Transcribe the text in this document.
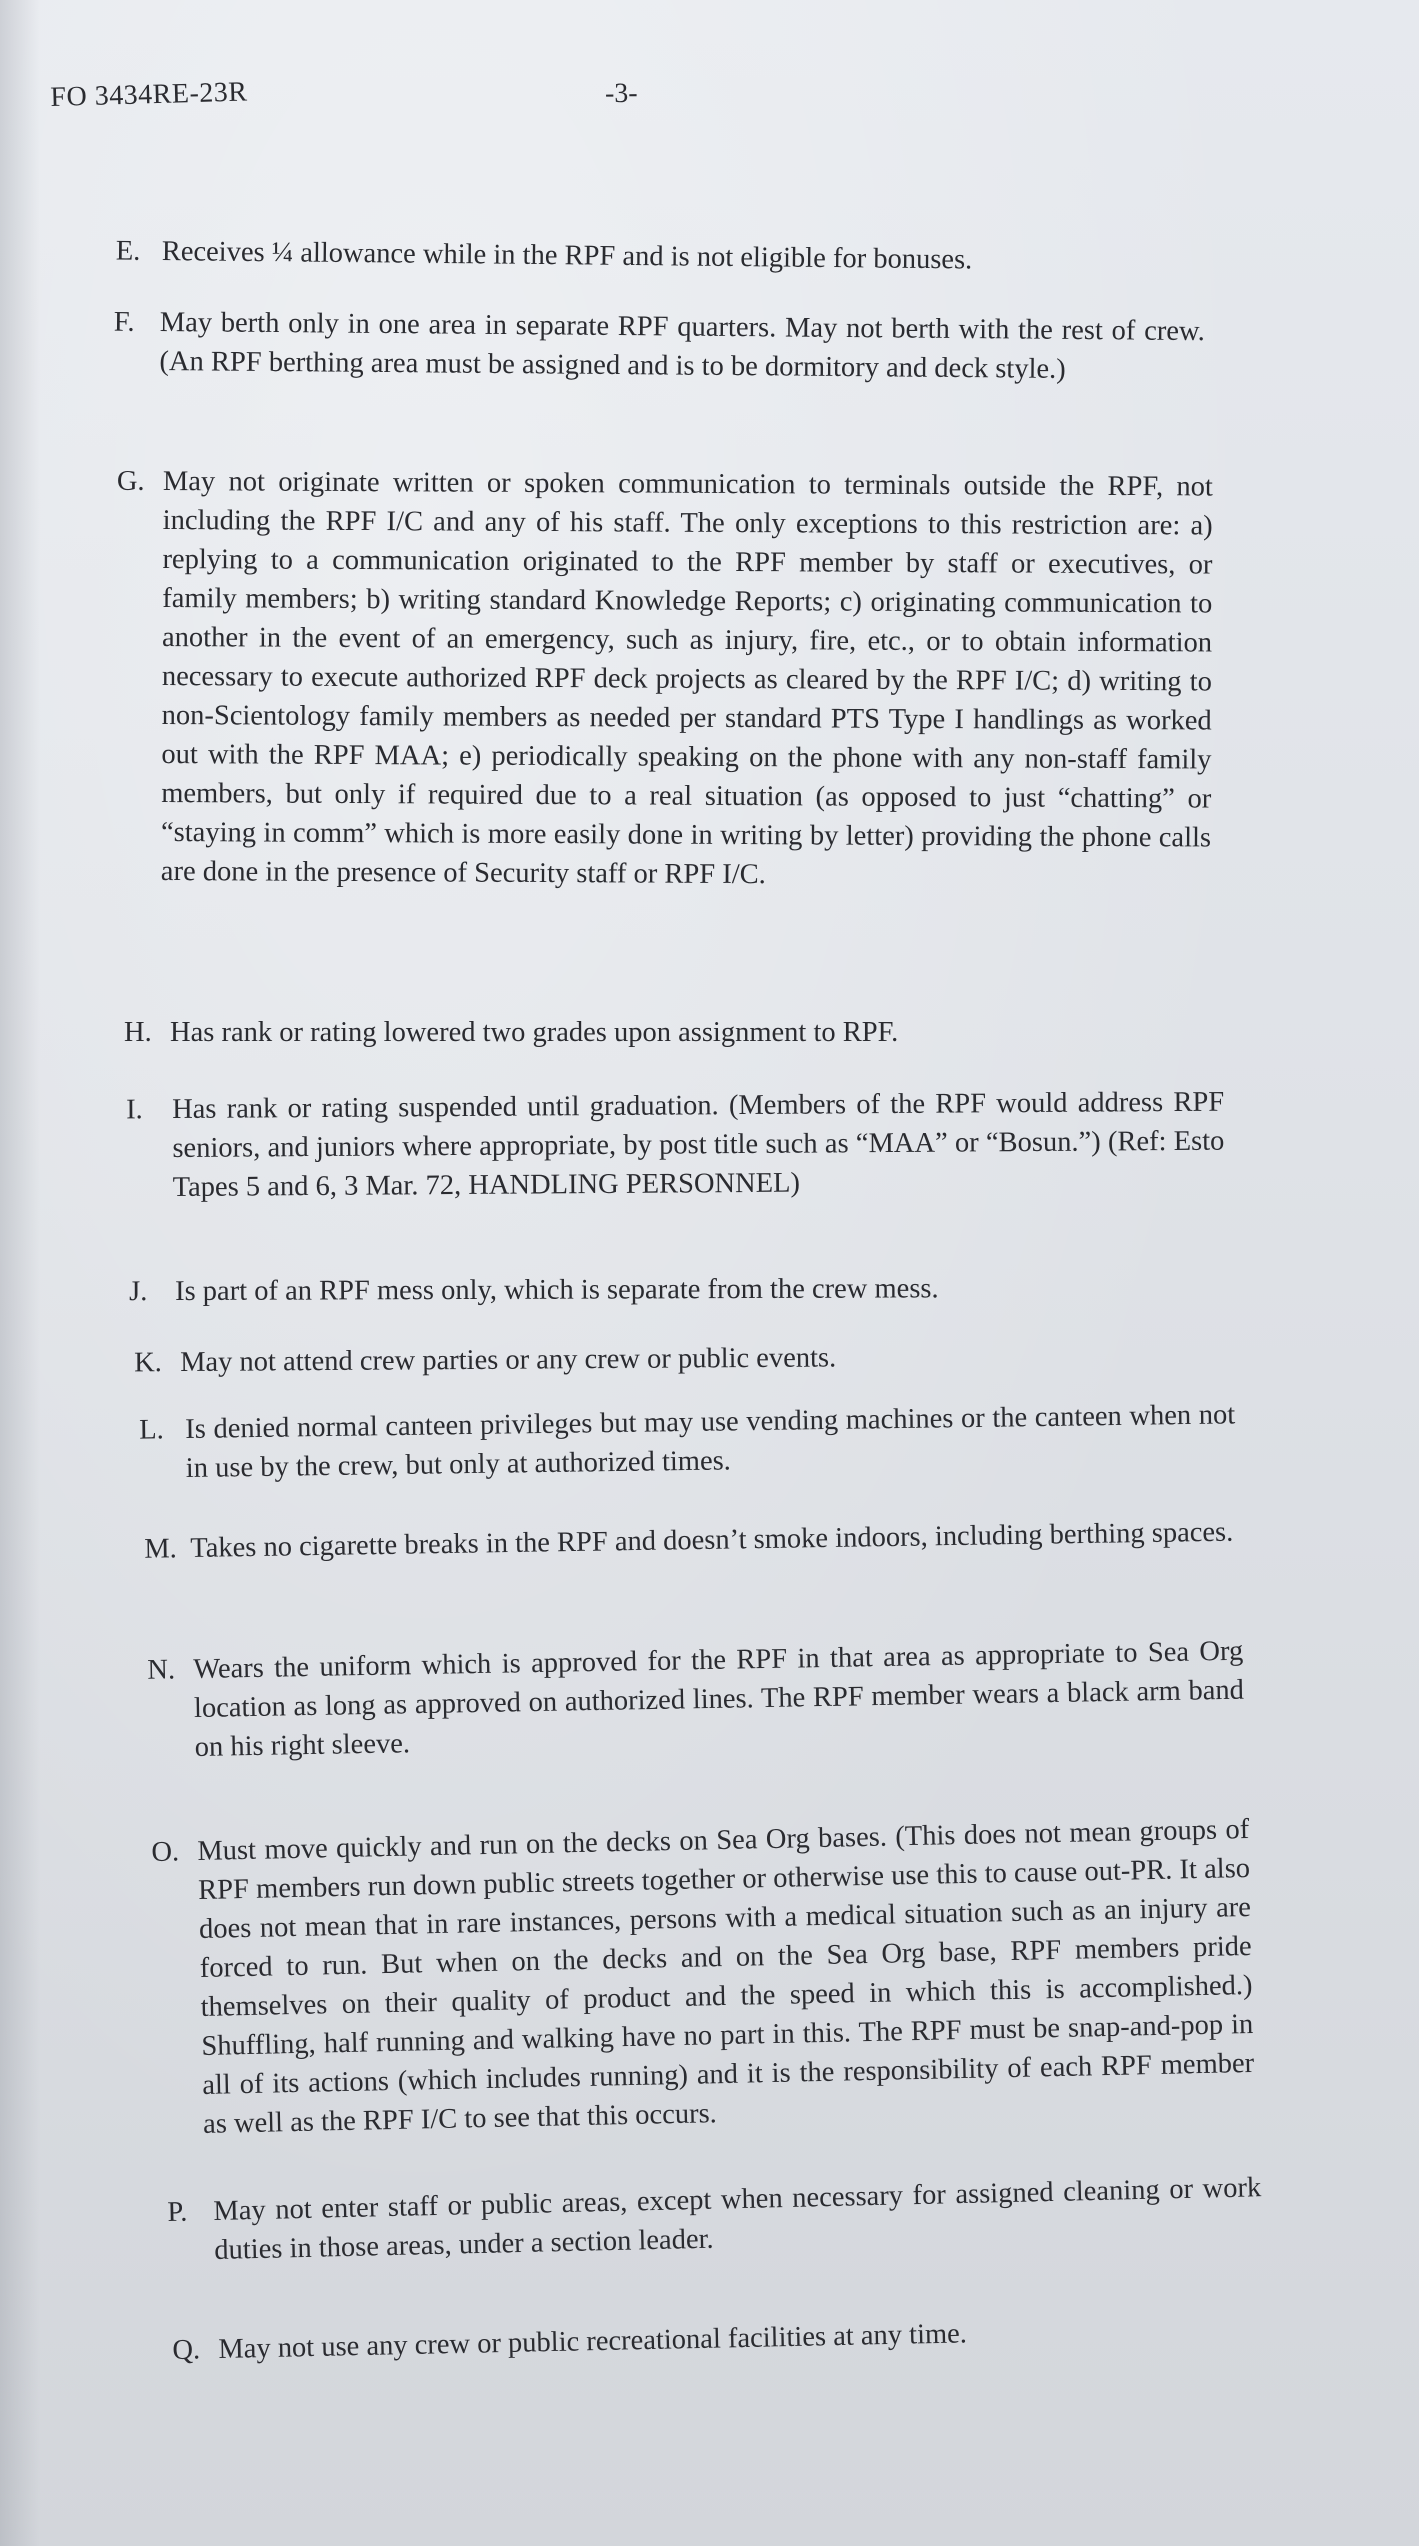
FO 3434RE-23R	-3-
E. Receives ¼ allowance while in the RPF and is not eligible for bonuses.
F. May berth only in one area in separate RPF quarters. May not berth with the rest of crew. (An RPF berthing area must be assigned and is to be dormitory and deck style.)
G. May not originate written or spoken communication to terminals outside the RPF, not including the RPF I/C and any of his staff. The only exceptions to this restriction are: a) replying to a communication originated to the RPF member by staff or executives, or family members; b) writing standard Knowledge Reports; c) originating communication to another in the event of an emergency, such as injury, fire, etc., or to obtain information necessary to execute authorized RPF deck projects as cleared by the RPF I/C; d) writing to non-Scientology family members as needed per standard PTS Type I handlings as worked out with the RPF MAA; e) periodically speaking on the phone with any non-staff family members, but only if required due to a real situation (as opposed to just “chatting” or “staying in comm” which is more easily done in writing by letter) providing the phone calls are done in the presence of Security staff or RPF I/C.
H. Has rank or rating lowered two grades upon assignment to RPF.
I. Has rank or rating suspended until graduation. (Members of the RPF would address RPF seniors, and juniors where appropriate, by post title such as “MAA” or “Bosun.”) (Ref: Esto Tapes 5 and 6, 3 Mar. 72, HANDLING PERSONNEL)
J. Is part of an RPF mess only, which is separate from the crew mess.
K. May not attend crew parties or any crew or public events.
L. Is denied normal canteen privileges but may use vending machines or the canteen when not in use by the crew, but only at authorized times.
M. Takes no cigarette breaks in the RPF and doesn’t smoke indoors, including berthing spaces.
N. Wears the uniform which is approved for the RPF in that area as appropriate to Sea Org location as long as approved on authorized lines. The RPF member wears a black arm band on his right sleeve.
O. Must move quickly and run on the decks on Sea Org bases. (This does not mean groups of RPF members run down public streets together or otherwise use this to cause out-PR. It also does not mean that in rare instances, persons with a medical situation such as an injury are forced to run. But when on the decks and on the Sea Org base, RPF members pride themselves on their quality of product and the speed in which this is accomplished.) Shuffling, half running and walking have no part in this. The RPF must be snap-and-pop in all of its actions (which includes running) and it is the responsibility of each RPF member as well as the RPF I/C to see that this occurs.
P. May not enter staff or public areas, except when necessary for assigned cleaning or work duties in those areas, under a section leader.
Q. May not use any crew or public recreational facilities at any time.
